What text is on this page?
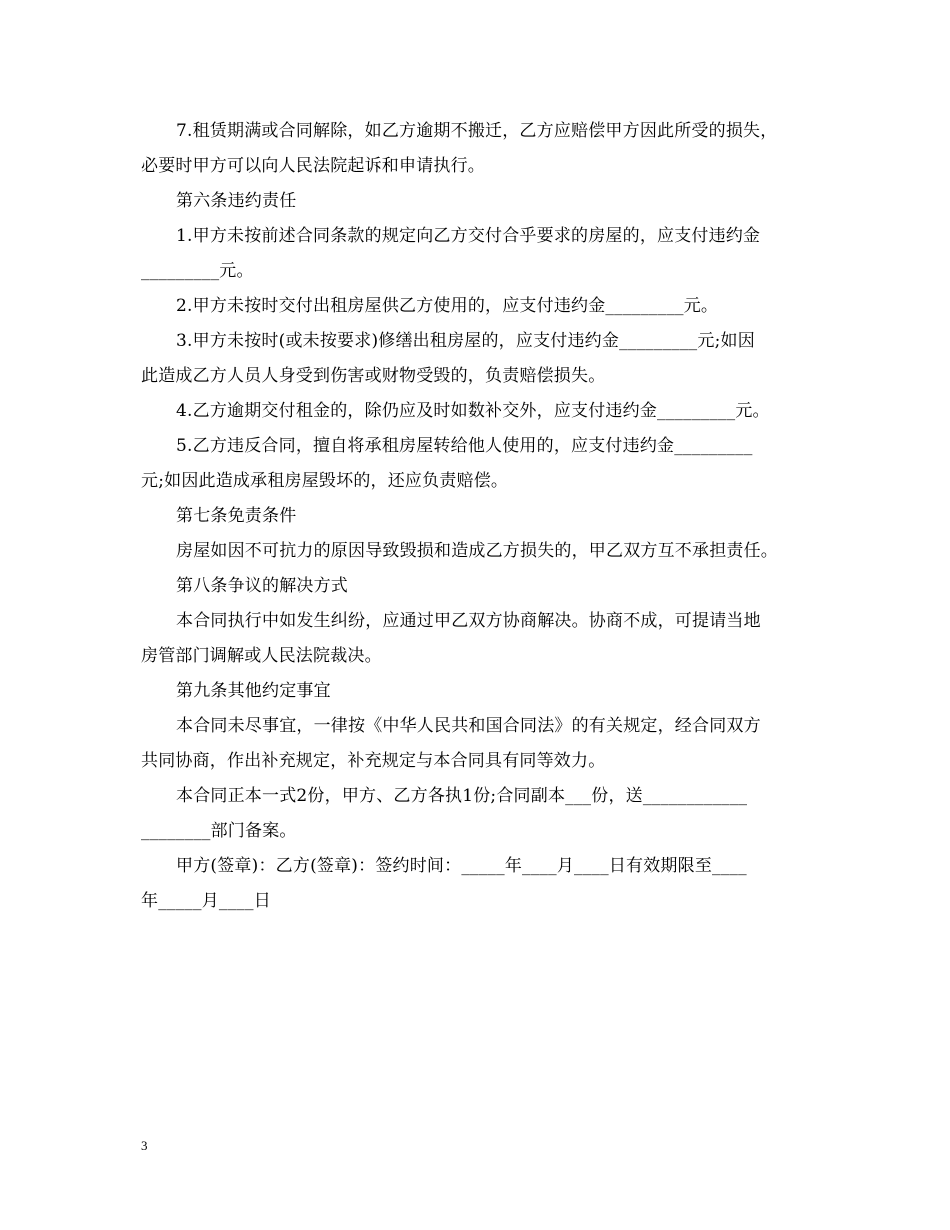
7.租赁期满或合同解除，如乙方逾期不搬迁，乙方应赔偿甲方因此所受的损失，
必要时甲方可以向人民法院起诉和申请执行。
第六条违约责任
1.甲方未按前述合同条款的规定向乙方交付合乎要求的房屋的，应支付违约金
_________元。
2.甲方未按时交付出租房屋供乙方使用的，应支付违约金_________元。
3.甲方未按时(或未按要求)修缮出租房屋的，应支付违约金_________元;如因
此造成乙方人员人身受到伤害或财物受毁的，负责赔偿损失。
4.乙方逾期交付租金的，除仍应及时如数补交外，应支付违约金_________元。
5.乙方违反合同，擅自将承租房屋转给他人使用的，应支付违约金_________
元;如因此造成承租房屋毁坏的，还应负责赔偿。
第七条免责条件
房屋如因不可抗力的原因导致毁损和造成乙方损失的，甲乙双方互不承担责任。
第八条争议的解决方式
本合同执行中如发生纠纷，应通过甲乙双方协商解决。协商不成，可提请当地
房管部门调解或人民法院裁决。
第九条其他约定事宜
本合同未尽事宜，一律按《中华人民共和国合同法》的有关规定，经合同双方
共同协商，作出补充规定，补充规定与本合同具有同等效力。
本合同正本一式2份，甲方、乙方各执1份;合同副本___份，送____________
________部门备案。
甲方(签章)：乙方(签章)：签约时间：_____年____月____日有效期限至____
年_____月____日
3
